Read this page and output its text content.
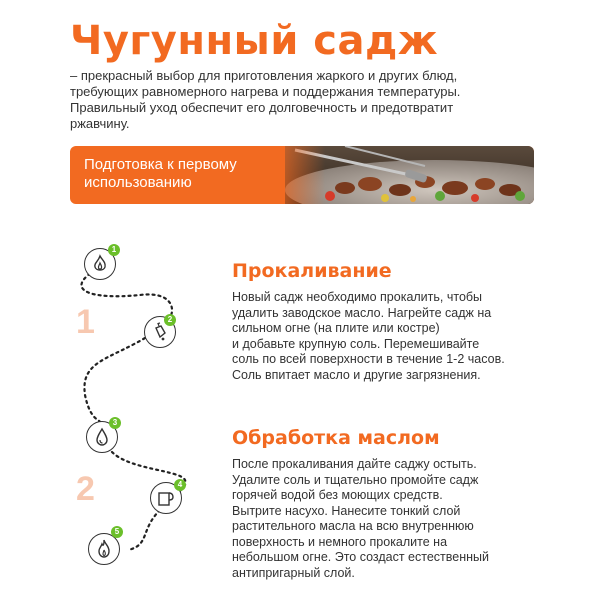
Чугунный садж
– прекрасный выбор для приготовления жаркого и других блюд, требующих равномерного нагрева и поддержания температуры. Правильный уход обеспечит его долговечность и предотвратит ржавчину.
Подготовка к первому использованию
1
2
3
4
5
1
2
Прокаливание
Новый садж необходимо прокалить, чтобы
удалить заводское масло. Нагрейте садж на
сильном огне (на плите или костре)
и добавьте крупную соль. Перемешивайте
соль по всей поверхности в течение 1-2 часов.
Соль впитает масло и другие загрязнения.
Обработка маслом
После прокаливания дайте саджу остыть.
Удалите соль и тщательно промойте садж
горячей водой без моющих средств.
Вытрите насухо. Нанесите тонкий слой
растительного масла на всю внутреннюю
поверхность и немного прокалите на
небольшом огне. Это создаст естественный
антипригарный слой.
